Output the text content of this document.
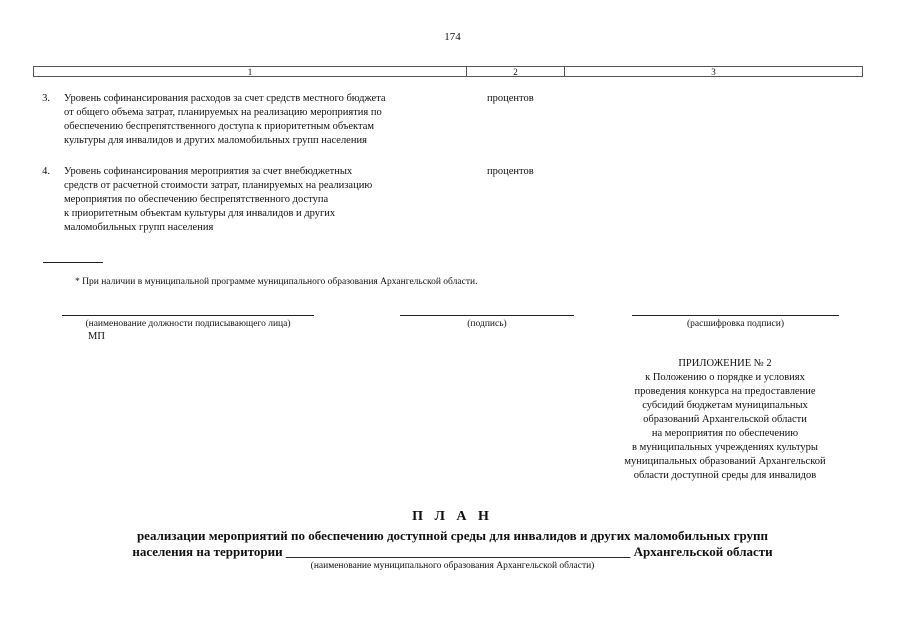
174
1	2	3
3. Уровень софинансирования расходов за счет средств местного бюджета
от общего объема затрат, планируемых на реализацию мероприятия по
обеспечению беспрепятственного доступа к приоритетным объектам
культуры для инвалидов и других маломобильных групп населения
процентов
4. Уровень софинансирования мероприятия за счет внебюджетных
средств от расчетной стоимости затрат, планируемых на реализацию
мероприятия по обеспечению беспрепятственного доступа
к приоритетным объектам культуры для инвалидов и других
маломобильных групп населения
процентов
* При наличии в муниципальной программе муниципального образования Архангельской области.
(наименование должности подписывающего лица)	(подпись)	(расшифровка подписи)
МП
ПРИЛОЖЕНИЕ № 2
к Положению о порядке и условиях
проведения конкурса на предоставление
субсидий бюджетам муниципальных
образований Архангельской области
на мероприятия по обеспечению
в муниципальных учреждениях культуры
муниципальных образований Архангельской
области доступной среды для инвалидов
П Л А Н
реализации мероприятий по обеспечению доступной среды для инвалидов и других маломобильных групп
населения на территории _____________________________________________________ Архангельской области
(наименование муниципального образования Архангельской области)
